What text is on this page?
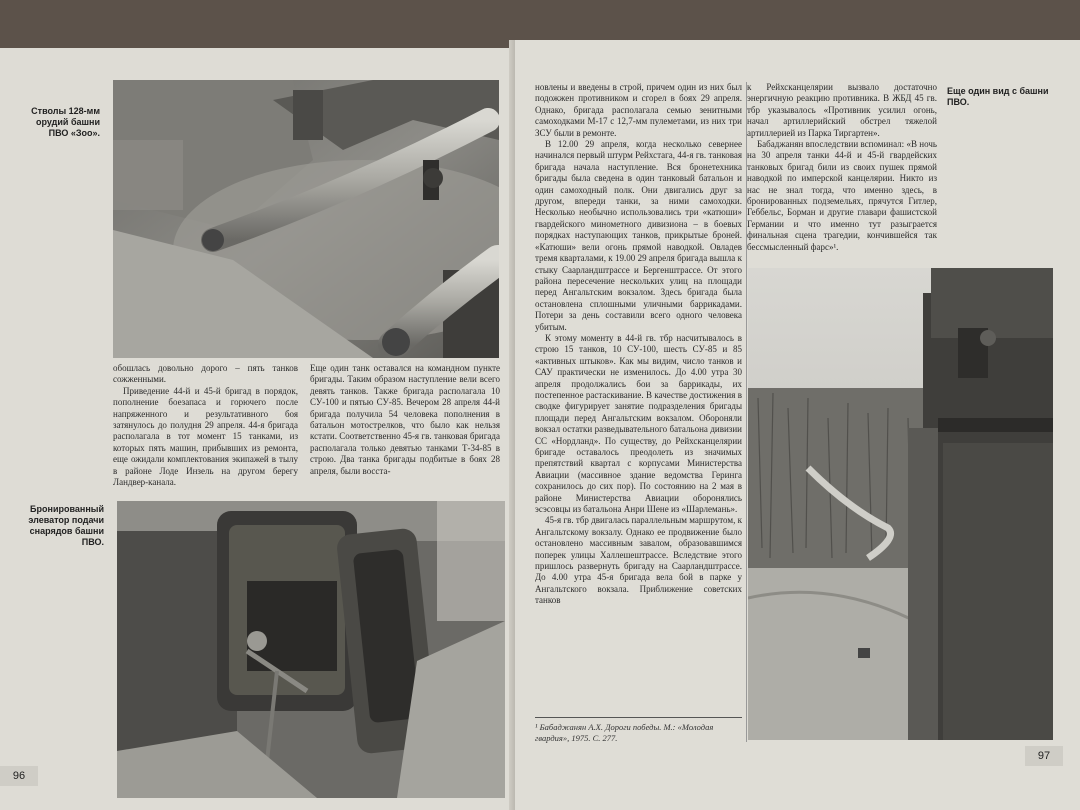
Стволы 128-мм орудий башни ПВО «Зоо».

обошлась довольно дорого – пять танков сожженными.

Приведение 44-й и 45-й бригад в порядок, пополнение боезапаса и горючего после напряженного и результативного боя затянулось до полудня 29 апреля. 44-я бригада располагала в тот момент 15 танками, из которых пять машин, прибывших из ремонта, еще ожидали комплектования экипажей в тылу в районе Лоде Инзель на другом берегу Ландвер-канала.

Еще один танк оставался на командном пункте бригады. Таким образом наступление вели всего девять танков. Также бригада располагала 10 СУ-100 и пятью СУ-85. Вечером 28 апреля 44-й бригада получила 54 человека пополнения в батальон мотострелков, что было как нельзя кстати. Соответственно 45-я гв. танковая бригада располагала только девятью танками Т-34-85 в строю. Два танка бригады подбитые в боях 28 апреля, были восста-

Бронированный элеватор подачи снарядов башни ПВО.
96

новлены и введены в строй, причем один из них был подожжен противником и сгорел в боях 29 апреля. Однако, бригада располагала семью зенитными самоходками М-17 с 12,7-мм пулеметами, из них три ЗСУ были в ремонте.

В 12.00 29 апреля, когда несколько севернее начинался первый штурм Рейхстага, 44-я гв. танковая бригада начала наступление. Вся бронетехника бригады была сведена в один танковый батальон и один самоходный полк. Они двигались друг за другом, впереди танки, за ними самоходки. Несколько необычно использовались три «катюши» гвардейского минометного дивизиона – в боевых порядках наступающих танков, прикрытые броней. «Катюши» вели огонь прямой наводкой. Овладев тремя кварталами, к 19.00 29 апреля бригада вышла к стыку Саарландштрассе и Бергенштрассе. От этого района пересечение нескольких улиц на площади перед Ангальтским вокзалом. Здесь бригада была остановлена сплошными уличными баррикадами. Потери за день составили всего одного человека убитым.

К этому моменту в 44-й гв. тбр насчитывалось в строю 15 танков, 10 СУ-100, шесть СУ-85 и 85 «активных штыков». Как мы видим, число танков и САУ практически не изменилось. До 4.00 утра 30 апреля продолжались бои за баррикады, их постепенное растаскивание. В качестве достижения в сводке фигурирует занятие подразделения бригады площади перед Ангальтским вокзалом. Обороняли вокзал остатки разведывательного батальона дивизии СС «Нордланд». По существу, до Рейхсканцелярии бригаде оставалось преодолеть из значимых препятствий квартал с корпусами Министерства Авиации (массивное здание ведомства Геринга сохранилось до сих пор). По состоянию на 2 мая в районе Министерства Авиации оборонялись эсэсовцы из батальона Анри Шене из «Шарлемань».

45-я гв. тбр двигалась параллельным маршрутом, к Ангальтскому вокзалу. Однако ее продвижение было остановлено массивным завалом, образовавшимся поперек улицы Халлешештрассе. Вследствие этого пришлось развернуть бригаду на Саарландштрассе. До 4.00 утра 45-я бригада вела бой в парке у Ангальтского вокзала. Приближение советских танков

¹ Бабаджанян А.Х. Дороги победы. М.: «Молодая гвардия», 1975. С. 277.

к Рейхсканцелярии вызвало достаточно энергичную реакцию противника. В ЖБД 45 гв. тбр указывалось «Противник усилил огонь, начал артиллерийский обстрел тяжелой артиллерией из Парка Тиргартен».

Бабаджанян впоследствии вспоминал: «В ночь на 30 апреля танки 44-й и 45-й гвардейских танковых бригад били из своих пушек прямой наводкой по имперской канцелярии. Никто из нас не знал тогда, что именно здесь, в бронированных подземельях, прячутся Гитлер, Геббельс, Борман и другие главари фашистской Германии и что именно тут разыграется финальная сцена трагедии, кончившейся так бессмысленный фарс»¹.

Еще один вид с башни ПВО.
97
